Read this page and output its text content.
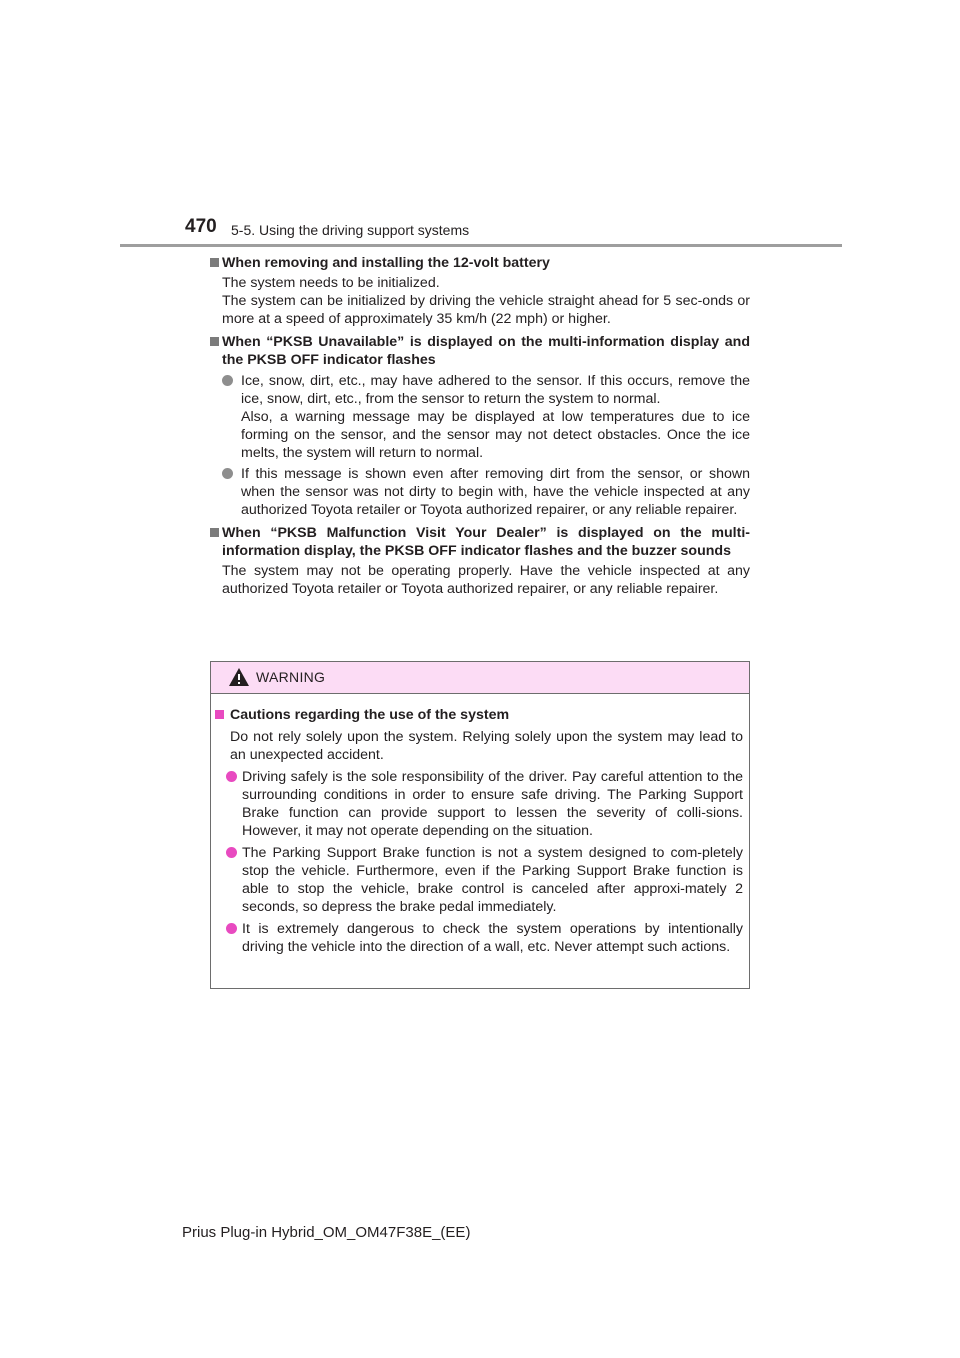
470 5-5. Using the driving support systems
When removing and installing the 12-volt battery
The system needs to be initialized.
The system can be initialized by driving the vehicle straight ahead for 5 sec-onds or more at a speed of approximately 35 km/h (22 mph) or higher.
When “PKSB Unavailable” is displayed on the multi-information display and the PKSB OFF indicator flashes
Ice, snow, dirt, etc., may have adhered to the sensor. If this occurs, remove the ice, snow, dirt, etc., from the sensor to return the system to normal.
Also, a warning message may be displayed at low temperatures due to ice forming on the sensor, and the sensor may not detect obstacles. Once the ice melts, the system will return to normal.
If this message is shown even after removing dirt from the sensor, or shown when the sensor was not dirty to begin with, have the vehicle inspected at any authorized Toyota retailer or Toyota authorized repairer, or any reliable repairer.
When “PKSB Malfunction Visit Your Dealer” is displayed on the multi-information display, the PKSB OFF indicator flashes and the buzzer sounds
The system may not be operating properly. Have the vehicle inspected at any authorized Toyota retailer or Toyota authorized repairer, or any reliable repairer.
WARNING
Cautions regarding the use of the system
Do not rely solely upon the system. Relying solely upon the system may lead to an unexpected accident.
Driving safely is the sole responsibility of the driver. Pay careful attention to the surrounding conditions in order to ensure safe driving. The Parking Support Brake function can provide support to lessen the severity of colli-sions. However, it may not operate depending on the situation.
The Parking Support Brake function is not a system designed to com-pletely stop the vehicle. Furthermore, even if the Parking Support Brake function is able to stop the vehicle, brake control is canceled after approxi-mately 2 seconds, so depress the brake pedal immediately.
It is extremely dangerous to check the system operations by intentionally driving the vehicle into the direction of a wall, etc. Never attempt such actions.
Prius Plug-in Hybrid_OM_OM47F38E_(EE)
